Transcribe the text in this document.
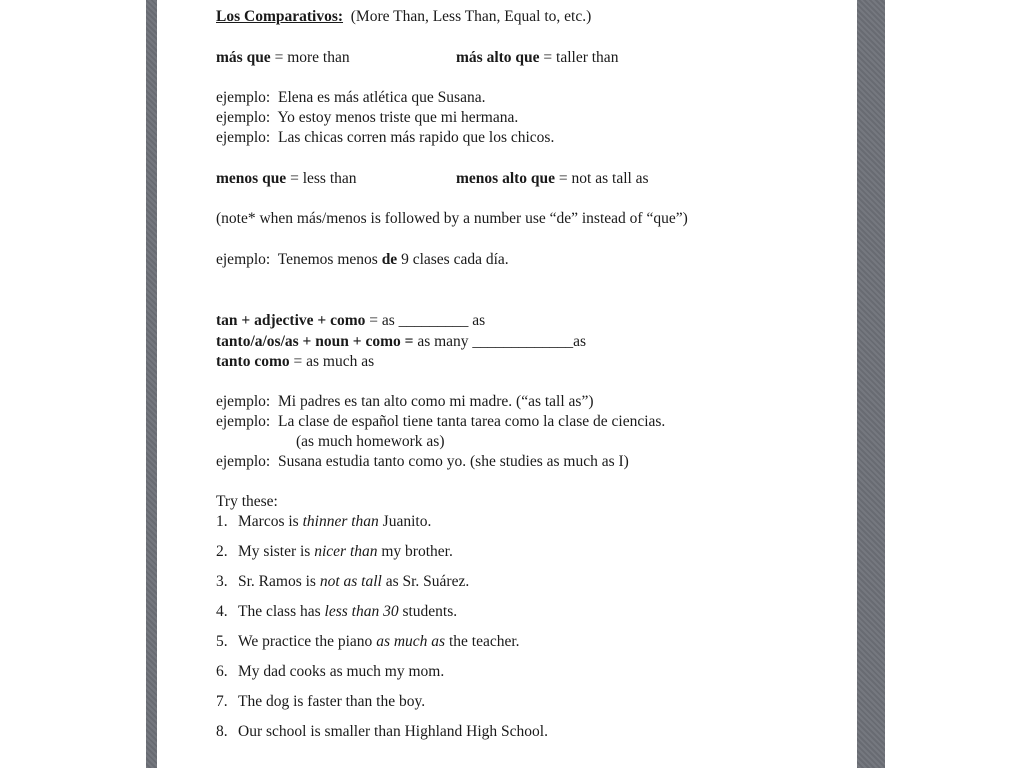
Los Comparativos: (More Than, Less Than, Equal to, etc.)
más que = more than	más alto que = taller than
ejemplo: Elena es más atlética que Susana.
ejemplo: Yo estoy menos triste que mi hermana.
ejemplo: Las chicas corren más rapido que los chicos.
menos que = less than	menos alto que = not as tall as
(note* when más/menos is followed by a number use “de” instead of “que”)
ejemplo: Tenemos menos de 9 clases cada día.
tan + adjective + como = as _________ as
tanto/a/os/as + noun + como = as many _____________as
tanto como = as much as
ejemplo: Mi padres es tan alto como mi madre. (“as tall as”)
ejemplo: La clase de español tiene tanta tarea como la clase de ciencias.
(as much homework as)
ejemplo: Susana estudia tanto como yo. (she studies as much as I)
Try these:
1. Marcos is thinner than Juanito.
2. My sister is nicer than my brother.
3. Sr. Ramos is not as tall as Sr. Suárez.
4. The class has less than 30 students.
5. We practice the piano as much as the teacher.
6. My dad cooks as much my mom.
7. The dog is faster than the boy.
8. Our school is smaller than Highland High School.
